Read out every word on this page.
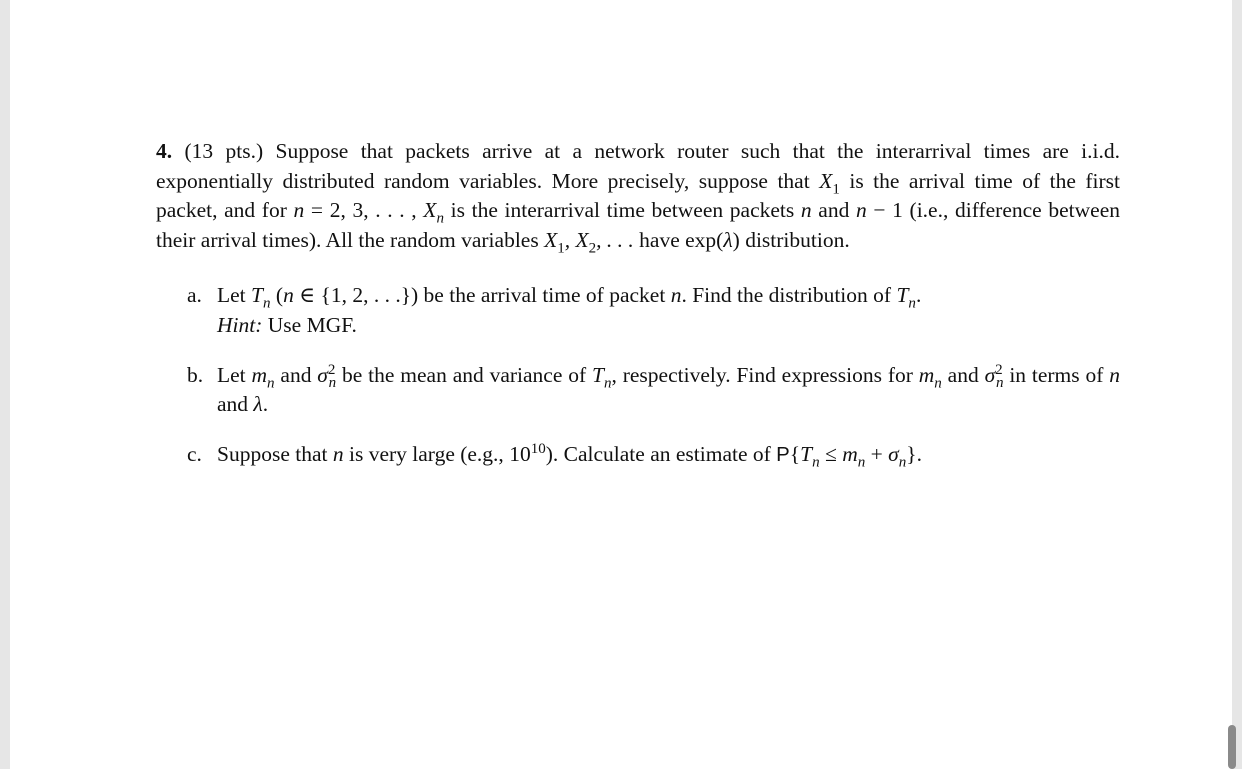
4. (13 pts.) Suppose that packets arrive at a network router such that the interarrival times are i.i.d. exponentially distributed random variables. More precisely, suppose that $X_1$ is the arrival time of the first packet, and for n = 2, 3, . . . , $X_n$ is the interarrival time between packets n and n − 1 (i.e., difference between their arrival times). All the random variables $X_1$, $X_2$, . . . have exp(λ) distribution.

a. Let $T_n$ (n ∈ {1, 2, . . .}) be the arrival time of packet n. Find the distribution of $T_n$.
Hint: Use MGF.
b. Let $m_n$ and $\sigma^2_n$ be the mean and variance of $T_n$, respectively. Find expressions for $m_n$ and $\sigma^2_n$ in terms of n and λ.
c. Suppose that n is very large (e.g., $10^{10}$). Calculate an estimate of $P\{T_n \le m_n + \sigma_n\}$.
